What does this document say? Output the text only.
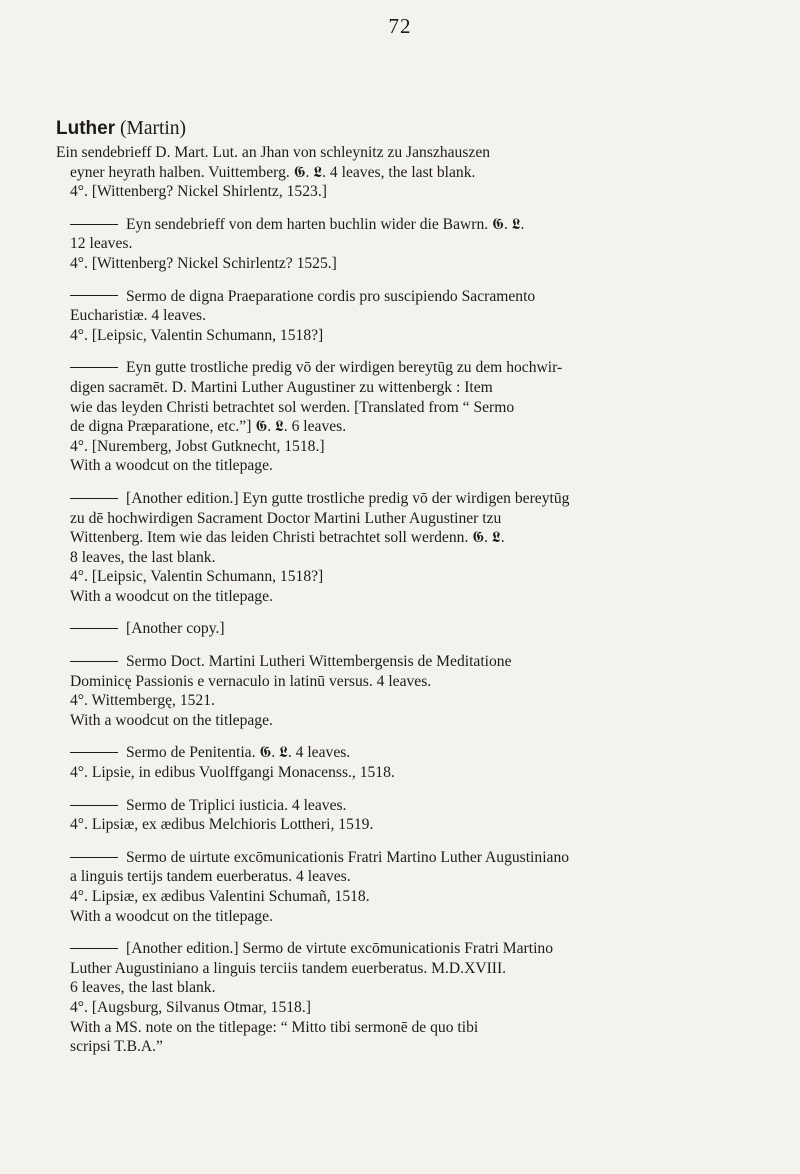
72
Luther (Martin)
Ein sendebrieff D. Mart. Lut. an Jhan von schleynitz zu Janszhauszen
eyner heyrath halben. Vuittemberg. 𝕲. 𝕷. 4 leaves, the last blank.
4°. [Wittenberg? Nickel Shirlentz, 1523.]
Eyn sendebrieff von dem harten buchlin wider die Bawrn. 𝕲. 𝕷.
12 leaves.
4°. [Wittenberg? Nickel Schirlentz? 1525.]
Sermo de digna Praeparatione cordis pro suscipiendo Sacramento
Eucharistiæ. 4 leaves.
4°. [Leipsic, Valentin Schumann, 1518?]
Eyn gutte trostliche predig vō der wirdigen bereytūg zu dem hochwir-
digen sacramēt. D. Martini Luther Augustiner zu wittenbergk : Item
wie das leyden Christi betrachtet sol werden. [Translated from “ Sermo
de digna Præparatione, etc.”] 𝕲. 𝕷. 6 leaves.
4°. [Nuremberg, Jobst Gutknecht, 1518.]
With a woodcut on the titlepage.
[Another edition.] Eyn gutte trostliche predig vō der wirdigen bereytūg
zu dē hochwirdigen Sacrament Doctor Martini Luther Augustiner tzu
Wittenberg. Item wie das leiden Christi betrachtet soll werdenn. 𝕲. 𝕷.
8 leaves, the last blank.
4°. [Leipsic, Valentin Schumann, 1518?]
With a woodcut on the titlepage.
[Another copy.]
Sermo Doct. Martini Lutheri Wittembergensis de Meditatione
Dominicę Passionis e vernaculo in latinū versus. 4 leaves.
4°. Wittembergę, 1521.
With a woodcut on the titlepage.
Sermo de Penitentia. 𝕲. 𝕷. 4 leaves.
4°. Lipsie, in edibus Vuolffgangi Monacenss., 1518.
Sermo de Triplici iusticia. 4 leaves.
4°. Lipsiæ, ex ædibus Melchioris Lottheri, 1519.
Sermo de uirtute excōmunicationis Fratri Martino Luther Augustiniano
a linguis tertijs tandem euerberatus. 4 leaves.
4°. Lipsiæ, ex ædibus Valentini Schumañ, 1518.
With a woodcut on the titlepage.
[Another edition.] Sermo de virtute excōmunicationis Fratri Martino
Luther Augustiniano a linguis terciis tandem euerberatus. M.D.XVIII.
6 leaves, the last blank.
4°. [Augsburg, Silvanus Otmar, 1518.]
With a MS. note on the titlepage: “ Mitto tibi sermonē de quo tibi
scripsi T.B.A.”
